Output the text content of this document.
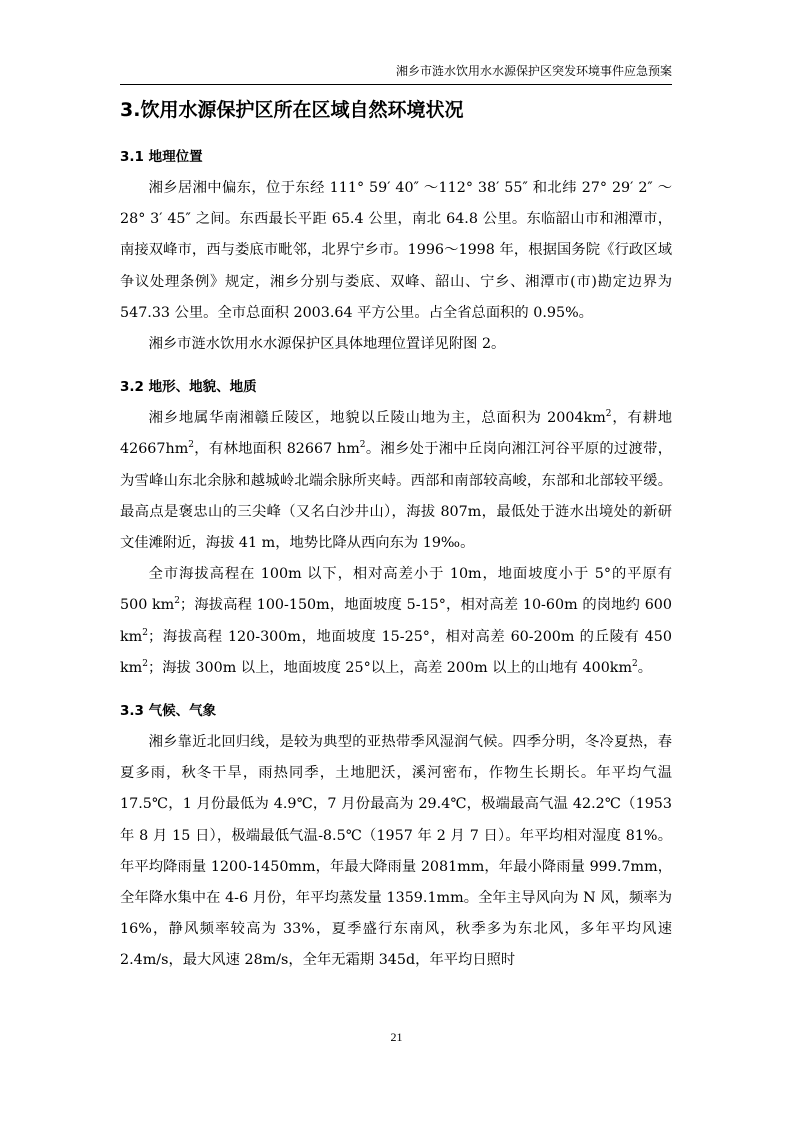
湘乡市涟水饮用水水源保护区突发环境事件应急预案
3.饮用水源保护区所在区域自然环境状况
3.1 地理位置

湘乡居湘中偏东，位于东经 111° 59′ 40″ ～112° 38′ 55″ 和北纬 27° 29′ 2″ ～28° 3′ 45″ 之间。东西最长平距 65.4 公里，南北 64.8 公里。东临韶山市和湘潭市，南接双峰市，西与娄底市毗邻，北界宁乡市。1996～1998 年，根据国务院《行政区域争议处理条例》规定，湘乡分别与娄底、双峰、韶山、宁乡、湘潭市(市)勘定边界为 547.33 公里。全市总面积 2003.64 平方公里。占全省总面积的 0.95%。

湘乡市涟水饮用水水源保护区具体地理位置详见附图 2。

3.2 地形、地貌、地质

湘乡地属华南湘赣丘陵区，地貌以丘陵山地为主，总面积为 $2004km^2$，有耕地 $42667hm^2$，有林地面积 82667 $hm^2$。湘乡处于湘中丘岗向湘江河谷平原的过渡带，为雪峰山东北余脉和越城岭北端余脉所夹峙。西部和南部较高峻，东部和北部较平缓。最高点是褒忠山的三尖峰（又名白沙井山），海拔 807m，最低处于涟水出境处的新研文佳滩附近，海拔 41 m，地势比降从西向东为 19‰。

全市海拔高程在 100m 以下，相对高差小于 10m，地面坡度小于 5°的平原有 500 $km^2$；海拔高程 100-150m，地面坡度 5-15°，相对高差 10-60m 的岗地约 600 $km^2$；海拔高程 120-300m，地面坡度 15-25°，相对高差 60-200m 的丘陵有 450 $km^2$；海拔 300m 以上，地面坡度 25°以上，高差 200m 以上的山地有 $400km^2$。

3.3 气候、气象

湘乡靠近北回归线，是较为典型的亚热带季风湿润气候。四季分明，冬冷夏热，春夏多雨，秋冬干旱，雨热同季，土地肥沃，溪河密布，作物生长期长。年平均气温 17.5℃，1 月份最低为 4.9℃，7 月份最高为 29.4℃，极端最高气温 42.2℃（1953 年 8 月 15 日），极端最低气温-8.5℃（1957 年 2 月 7 日）。年平均相对湿度 81%。年平均降雨量 1200-1450mm，年最大降雨量 2081mm，年最小降雨量 999.7mm，全年降水集中在 4-6 月份，年平均蒸发量 1359.1mm。全年主导风向为 N 风，频率为 16%，静风频率较高为 33%，夏季盛行东南风，秋季多为东北风，多年平均风速 2.4m/s，最大风速 28m/s，全年无霜期 345d，年平均日照时

21
